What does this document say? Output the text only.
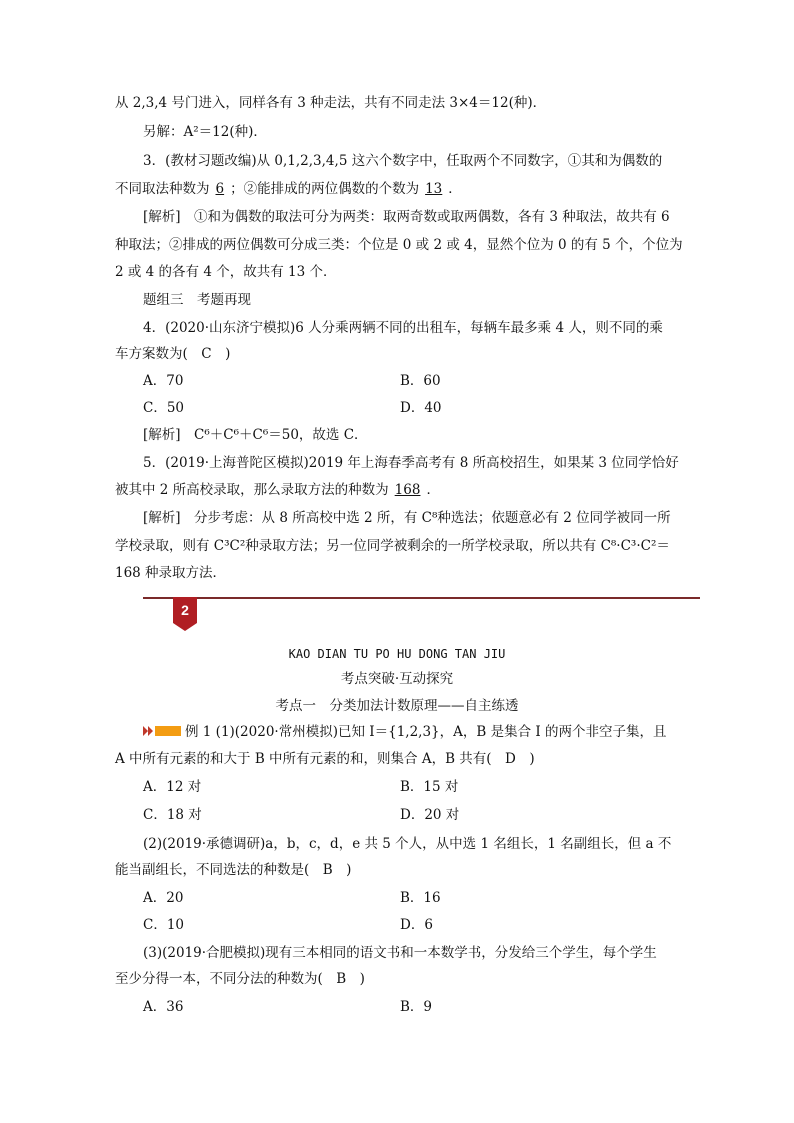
从 2,3,4 号门进入，同样各有 3 种走法，共有不同走法 3×4＝12(种)．
另解：A²＝12(种)．
3．(教材习题改编)从 0,1,2,3,4,5 这六个数字中，任取两个不同数字，①其和为偶数的
不同取法种数为 6 ；②能排成的两位偶数的个数为 13 ．
[解析]　①和为偶数的取法可分为两类：取两奇数或取两偶数，各有 3 种取法，故共有 6
种取法；②排成的两位偶数可分成三类：个位是 0 或 2 或 4，显然个位为 0 的有 5 个，个位为
2 或 4 的各有 4 个，故共有 13 个．
题组三　考题再现
4．(2020·山东济宁模拟)6 人分乘两辆不同的出租车，每辆车最多乘 4 人，则不同的乘
车方案数为(　C　)
A．70	B．60
C．50	D．40
[解析]　C⁶＋C⁶＋C⁶＝50，故选 C．
5．(2019·上海普陀区模拟)2019 年上海春季高考有 8 所高校招生，如果某 3 位同学恰好
被其中 2 所高校录取，那么录取方法的种数为 168 ．
[解析]　分步考虑：从 8 所高校中选 2 所，有 C⁸种选法；依题意必有 2 位同学被同一所
学校录取，则有 C³C²种录取方法；另一位同学被剩余的一所学校录取，所以共有 C⁸·C³·C²＝
168 种录取方法．
2
KAO DIAN TU PO HU DONG TAN JIU
考点突破·互动探究
考点一　分类加法计数原理——自主练透
例 1 (1)(2020·常州模拟)已知 I＝{1,2,3}，A，B 是集合 I 的两个非空子集，且
A 中所有元素的和大于 B 中所有元素的和，则集合 A，B 共有(　D　)
A．12 对	B．15 对
C．18 对	D．20 对
(2)(2019·承德调研)a，b，c，d，e 共 5 个人，从中选 1 名组长，1 名副组长，但 a 不
能当副组长，不同选法的种数是(　B　)
A．20	B．16
C．10	D．6
(3)(2019·合肥模拟)现有三本相同的语文书和一本数学书，分发给三个学生，每个学生
至少分得一本，不同分法的种数为(　B　)
A．36	B．9
